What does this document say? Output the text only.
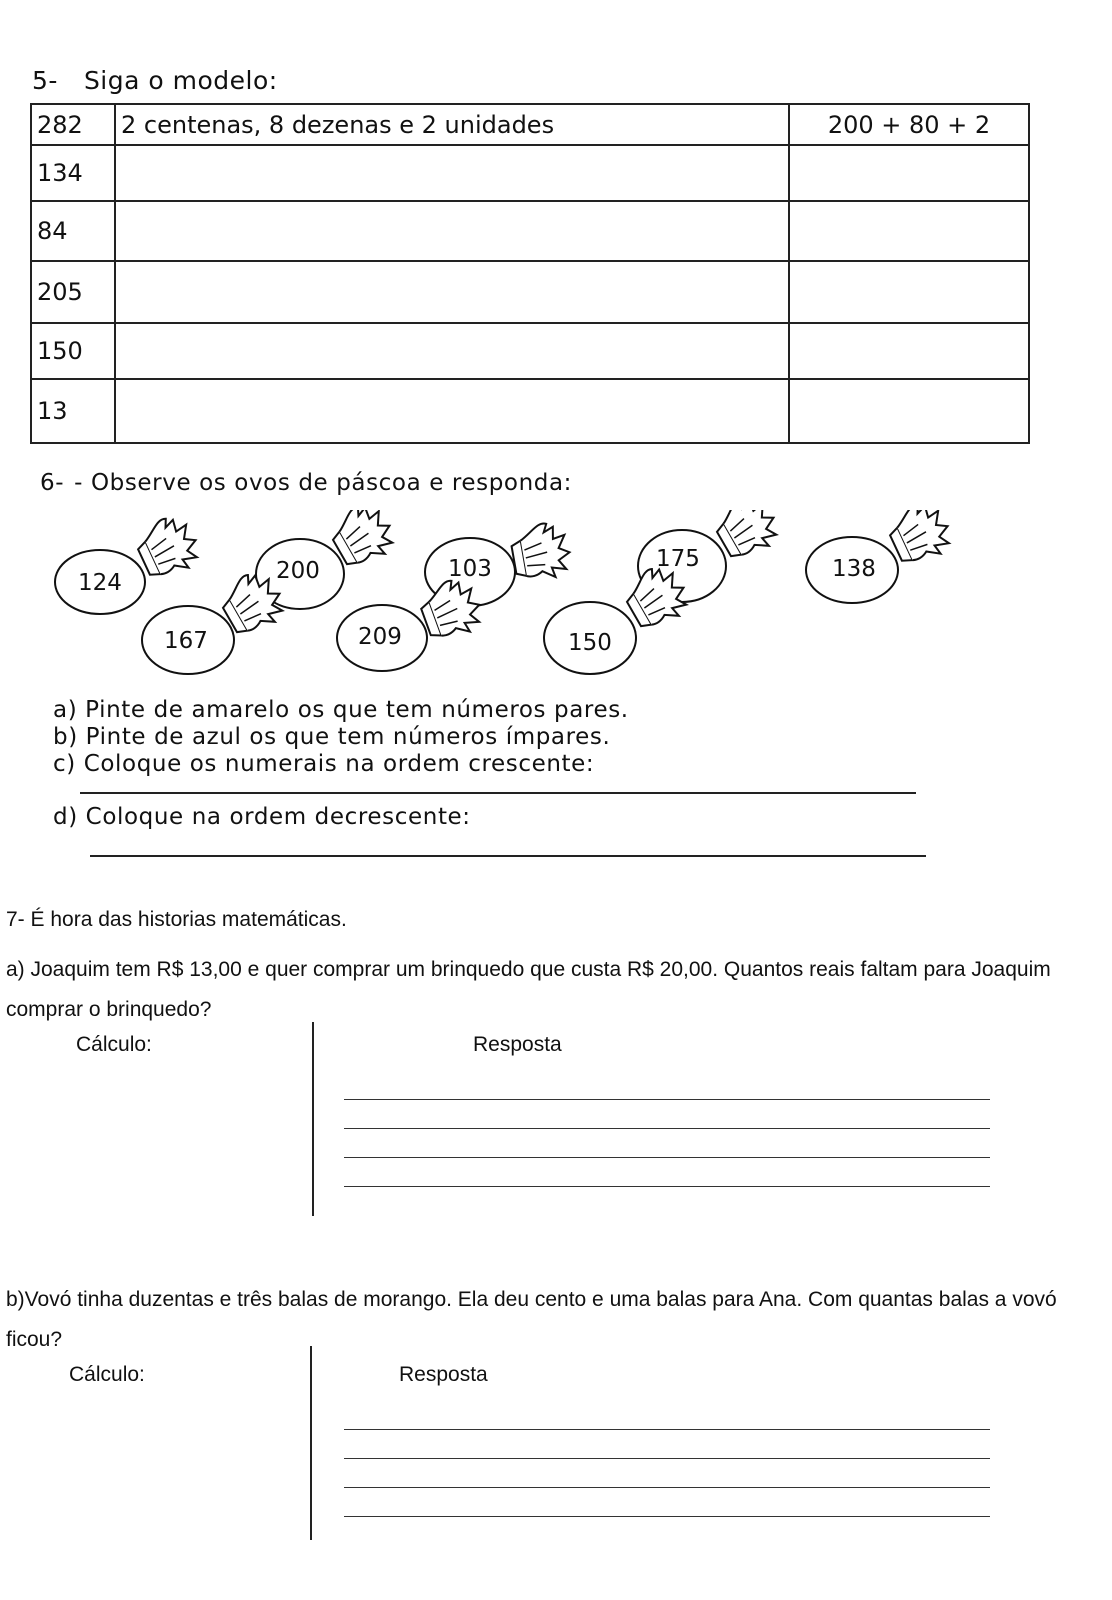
5- Siga o modelo:
282	2 centenas, 8 dezenas e 2 unidades	200 + 80 + 2
134		
84		
205		
150		
13		
6- - Observe os ovos de páscoa e responda:
124	200	103	175	138
167	209	150
a) Pinte de amarelo os que tem números pares.
b) Pinte de azul os que tem números ímpares.
c) Coloque os numerais na ordem crescente:
d) Coloque na ordem decrescente:
7- É hora das historias matemáticas.
a) Joaquim tem R$ 13,00 e quer comprar um brinquedo que custa R$ 20,00. Quantos reais faltam para Joaquim comprar o brinquedo?
Cálculo:	Resposta
b)Vovó tinha duzentas e três balas de morango. Ela deu cento e uma balas para Ana. Com quantas balas a vovó ficou?
Cálculo:	Resposta
